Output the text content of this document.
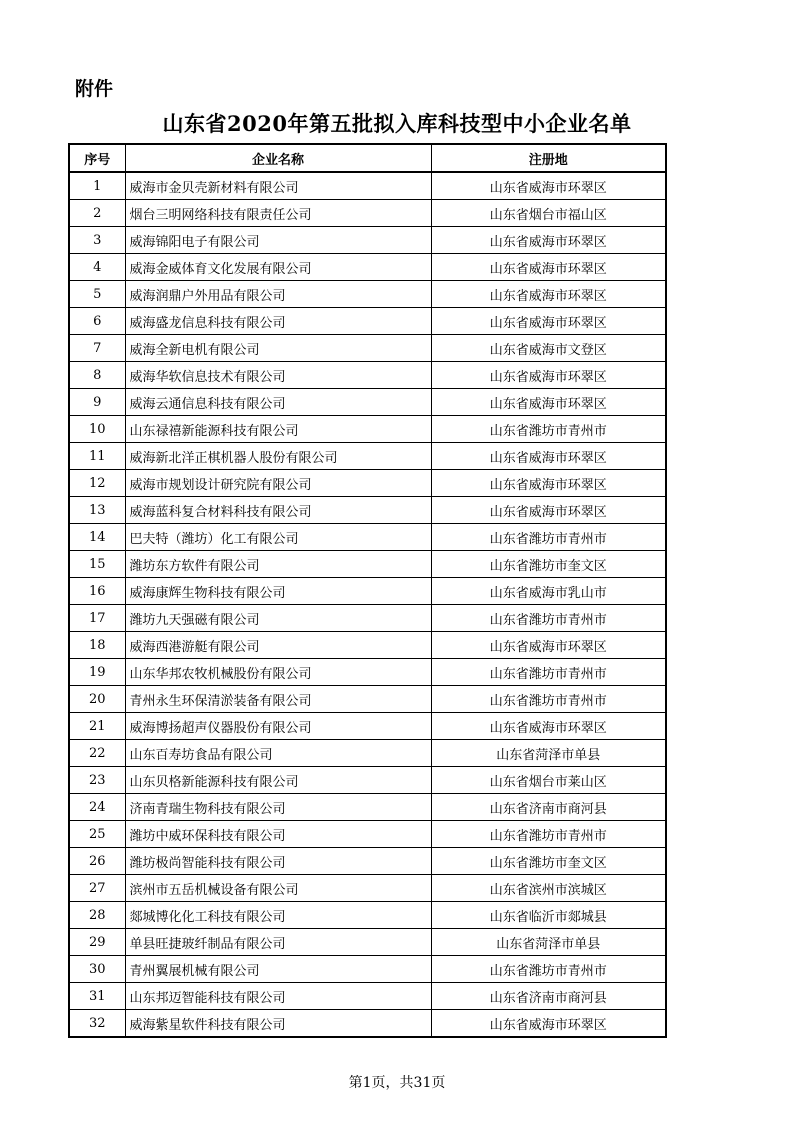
附件
山东省2020年第五批拟入库科技型中小企业名单
序号	企业名称	注册地
1	威海市金贝壳新材料有限公司	山东省威海市环翠区
2	烟台三明网络科技有限责任公司	山东省烟台市福山区
3	威海锦阳电子有限公司	山东省威海市环翠区
4	威海金威体育文化发展有限公司	山东省威海市环翠区
5	威海润鼎户外用品有限公司	山东省威海市环翠区
6	威海盛龙信息科技有限公司	山东省威海市环翠区
7	威海全新电机有限公司	山东省威海市文登区
8	威海华软信息技术有限公司	山东省威海市环翠区
9	威海云通信息科技有限公司	山东省威海市环翠区
10	山东禄禧新能源科技有限公司	山东省潍坊市青州市
11	威海新北洋正棋机器人股份有限公司	山东省威海市环翠区
12	威海市规划设计研究院有限公司	山东省威海市环翠区
13	威海蓝科复合材料科技有限公司	山东省威海市环翠区
14	巴夫特（潍坊）化工有限公司	山东省潍坊市青州市
15	潍坊东方软件有限公司	山东省潍坊市奎文区
16	威海康辉生物科技有限公司	山东省威海市乳山市
17	潍坊九天强磁有限公司	山东省潍坊市青州市
18	威海西港游艇有限公司	山东省威海市环翠区
19	山东华邦农牧机械股份有限公司	山东省潍坊市青州市
20	青州永生环保清淤装备有限公司	山东省潍坊市青州市
21	威海博扬超声仪器股份有限公司	山东省威海市环翠区
22	山东百寿坊食品有限公司	山东省菏泽市单县
23	山东贝格新能源科技有限公司	山东省烟台市莱山区
24	济南青瑞生物科技有限公司	山东省济南市商河县
25	潍坊中威环保科技有限公司	山东省潍坊市青州市
26	潍坊极尚智能科技有限公司	山东省潍坊市奎文区
27	滨州市五岳机械设备有限公司	山东省滨州市滨城区
28	郯城博化化工科技有限公司	山东省临沂市郯城县
29	单县旺捷玻纤制品有限公司	山东省菏泽市单县
30	青州翼展机械有限公司	山东省潍坊市青州市
31	山东邦迈智能科技有限公司	山东省济南市商河县
32	威海紫星软件科技有限公司	山东省威海市环翠区
第1页，共31页
